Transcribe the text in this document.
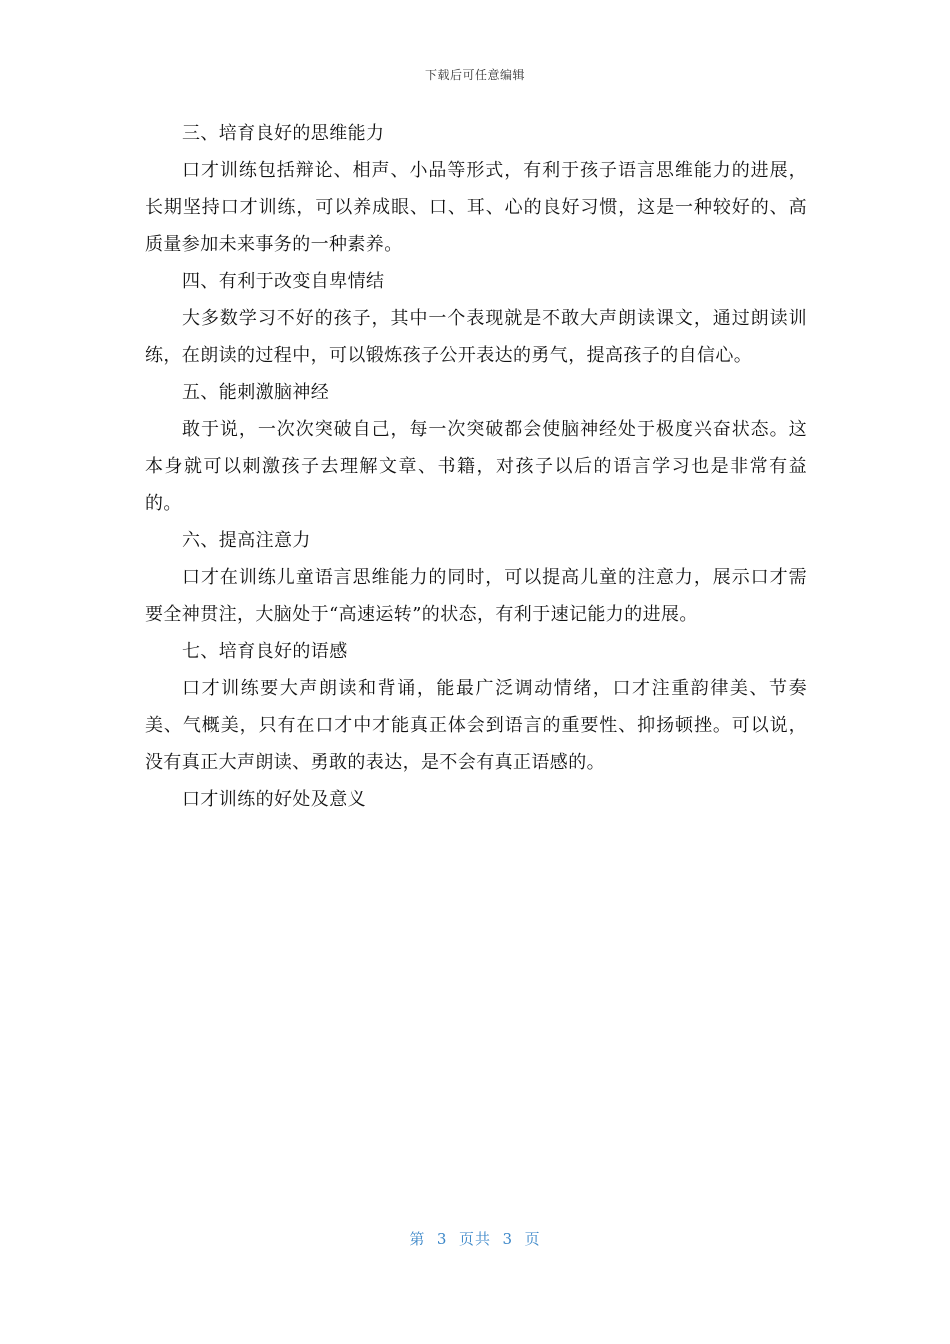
下载后可任意编辑

三、培育良好的思维能力

口才训练包括辩论、相声、小品等形式，有利于孩子语言思维能力的进展，长期坚持口才训练，可以养成眼、口、耳、心的良好习惯，这是一种较好的、高质量参加未来事务的一种素养。

四、有利于改变自卑情结

大多数学习不好的孩子，其中一个表现就是不敢大声朗读课文，通过朗读训练，在朗读的过程中，可以锻炼孩子公开表达的勇气，提高孩子的自信心。

五、能刺激脑神经

敢于说，一次次突破自己，每一次突破都会使脑神经处于极度兴奋状态。这本身就可以刺激孩子去理解文章、书籍，对孩子以后的语言学习也是非常有益的。

六、提高注意力

口才在训练儿童语言思维能力的同时，可以提高儿童的注意力，展示口才需要全神贯注，大脑处于“高速运转”的状态，有利于速记能力的进展。

七、培育良好的语感

口才训练要大声朗读和背诵，能最广泛调动情绪，口才注重韵律美、节奏美、气概美，只有在口才中才能真正体会到语言的重要性、抑扬顿挫。可以说，没有真正大声朗读、勇敢的表达，是不会有真正语感的。

口才训练的好处及意义

第  3  页共  3  页
